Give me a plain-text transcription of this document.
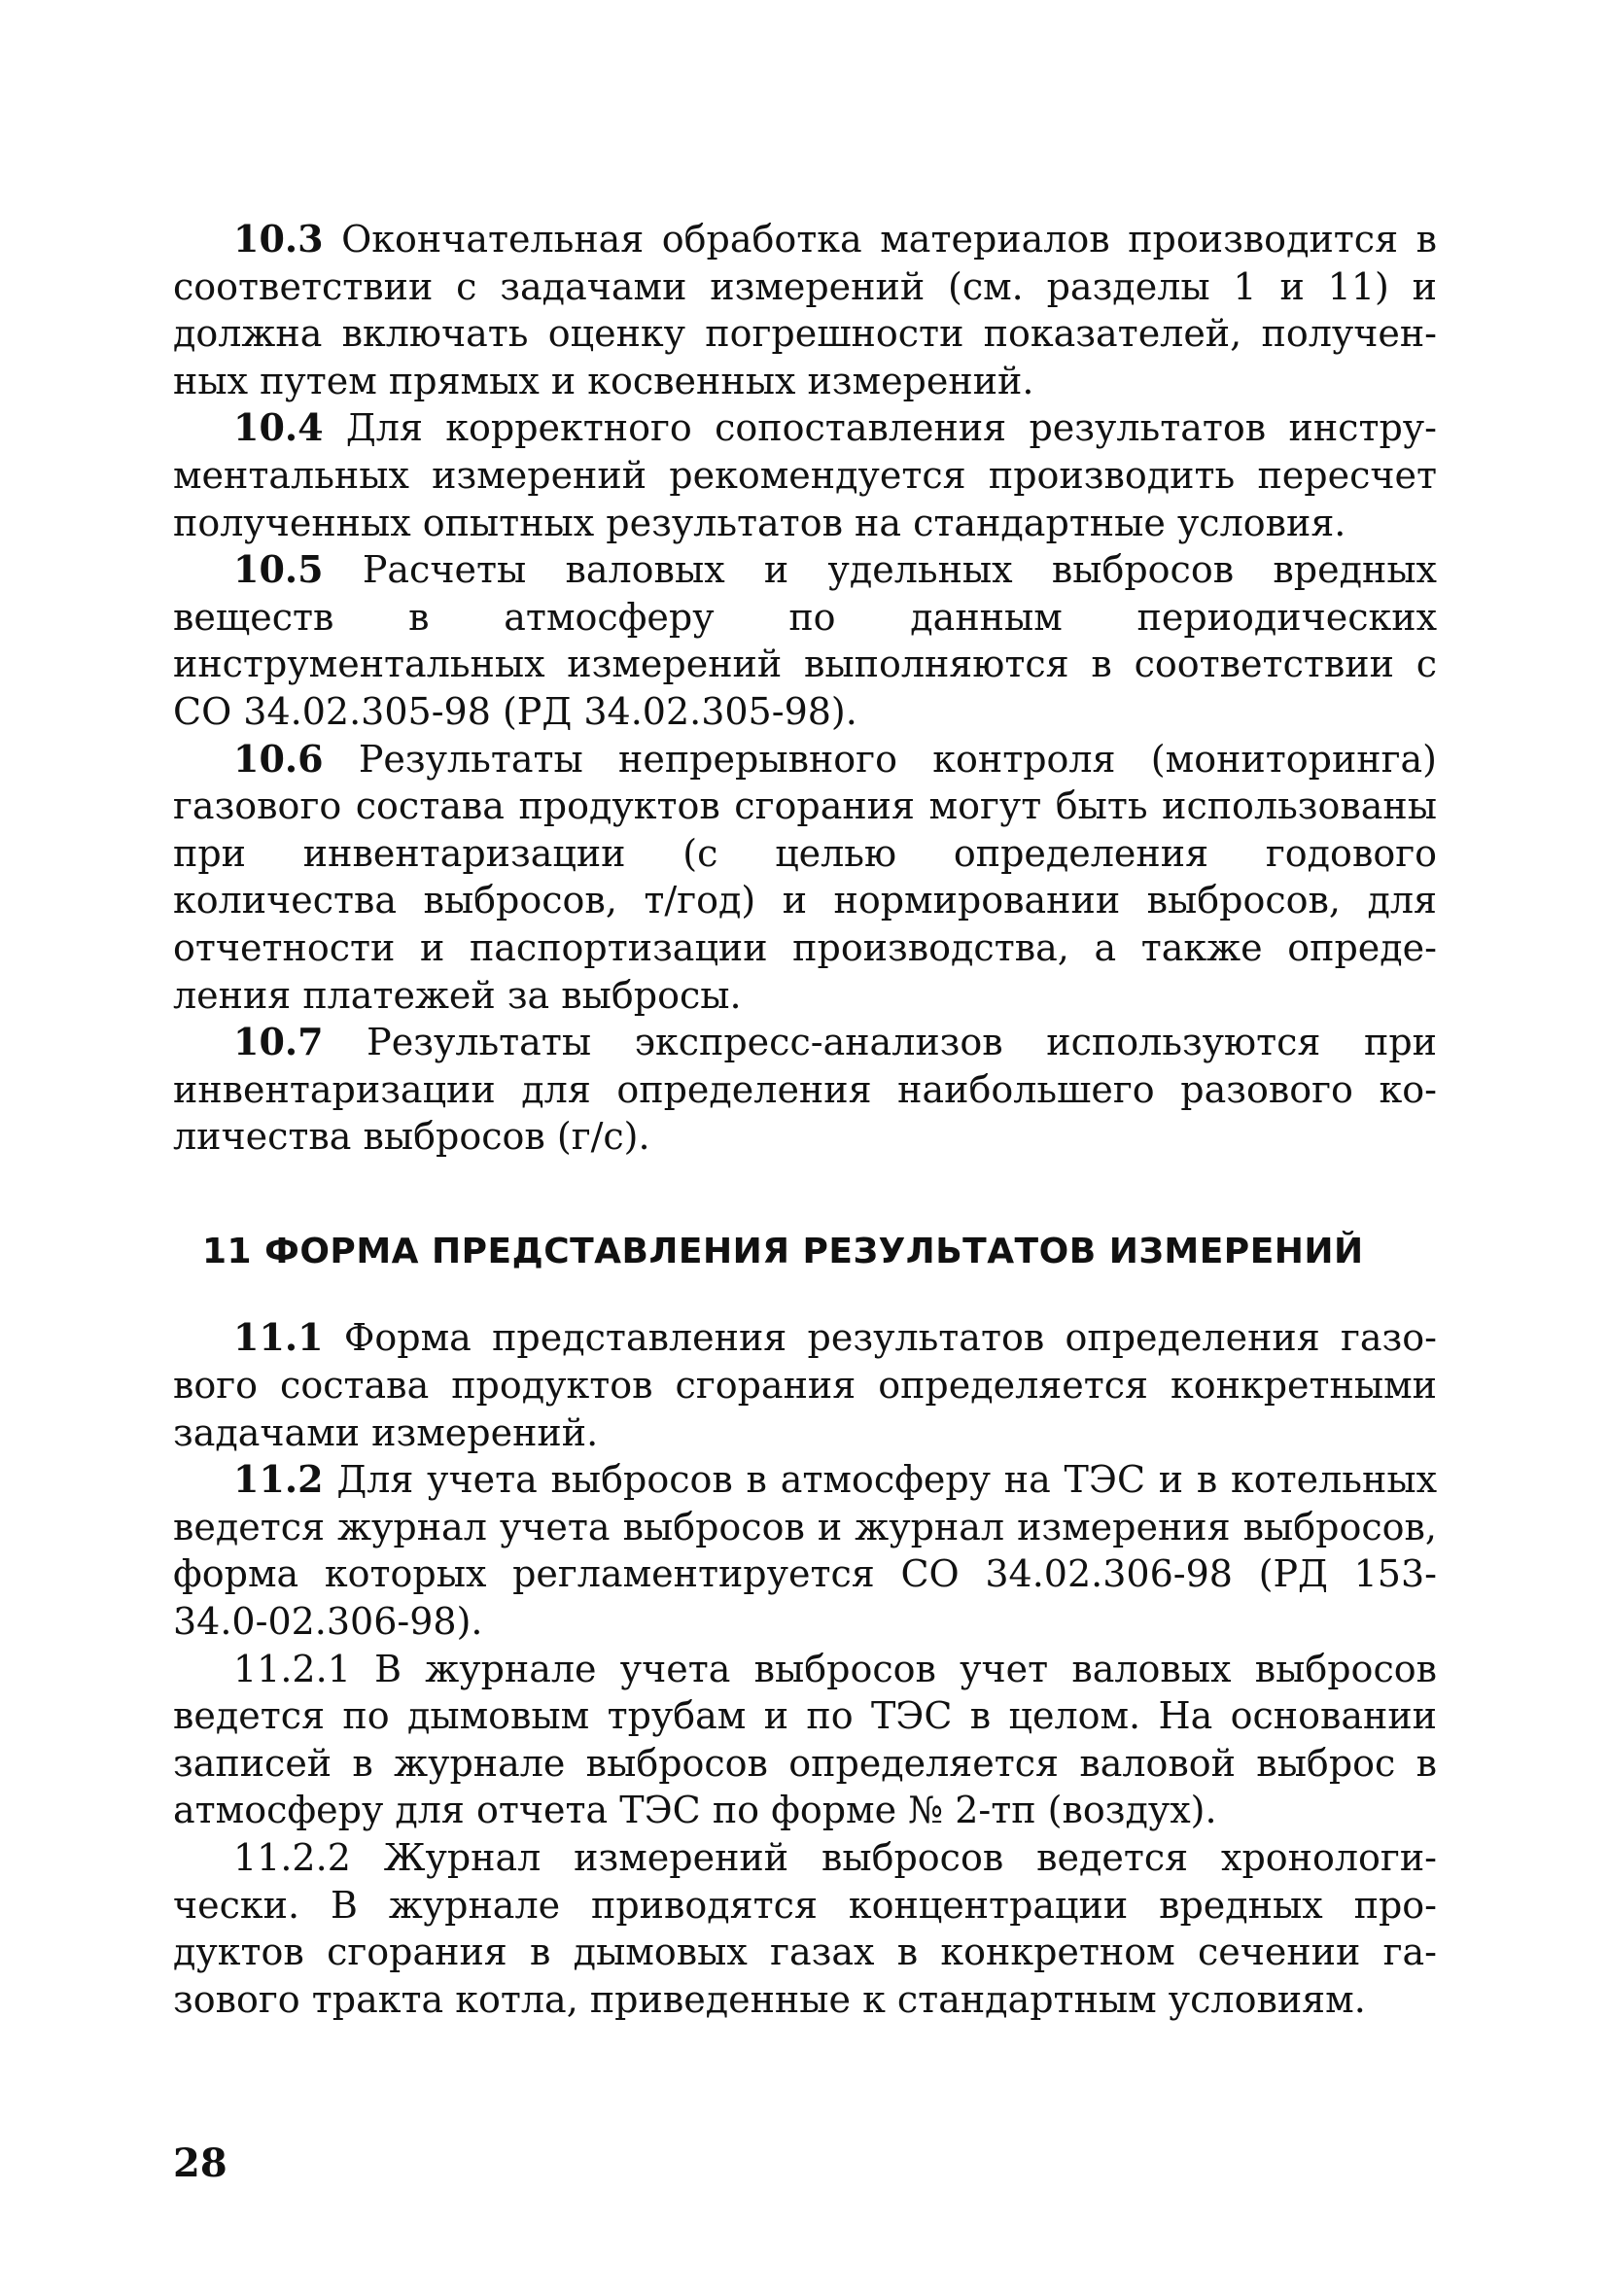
10.3 Окончательная обработка материалов производится в соответствии с задачами измерений (см. разделы 1 и 11) и должна включать оценку погрешности показателей, полученных путем прямых и косвенных измерений.

10.4 Для корректного сопоставления результатов инструментальных измерений рекомендуется производить пересчет полученных опытных результатов на стандартные условия.

10.5 Расчеты валовых и удельных выбросов вредных веществ в атмосферу по данным периодических инструментальных измерений выполняются в соответствии с СО 34.02.305-98 (РД 34.02.305-98).

10.6 Результаты непрерывного контроля (мониторинга) газового состава продуктов сгорания могут быть использованы при инвентаризации (с целью определения годового количества выбросов, т/год) и нормировании выбросов, для отчетности и паспортизации производства, а также определения платежей за выбросы.

10.7 Результаты экспресс-анализов используются при инвентаризации для определения наибольшего разового количества выбросов (г/с).

11 ФОРМА ПРЕДСТАВЛЕНИЯ РЕЗУЛЬТАТОВ ИЗМЕРЕНИЙ

11.1 Форма представления результатов определения газового состава продуктов сгорания определяется конкретными задачами измерений.

11.2 Для учета выбросов в атмосферу на ТЭС и в котельных ведется журнал учета выбросов и журнал измерения выбросов, форма которых регламентируется СО 34.02.306-98 (РД 153-34.0-02.306-98).

11.2.1 В журнале учета выбросов учет валовых выбросов ведется по дымовым трубам и по ТЭС в целом. На основании записей в журнале выбросов определяется валовой выброс в атмосферу для отчета ТЭС по форме № 2-тп (воздух).

11.2.2 Журнал измерений выбросов ведется хронологически. В журнале приводятся концентрации вредных продуктов сгорания в дымовых газах в конкретном сечении газового тракта котла, приведенные к стандартным условиям.

28
